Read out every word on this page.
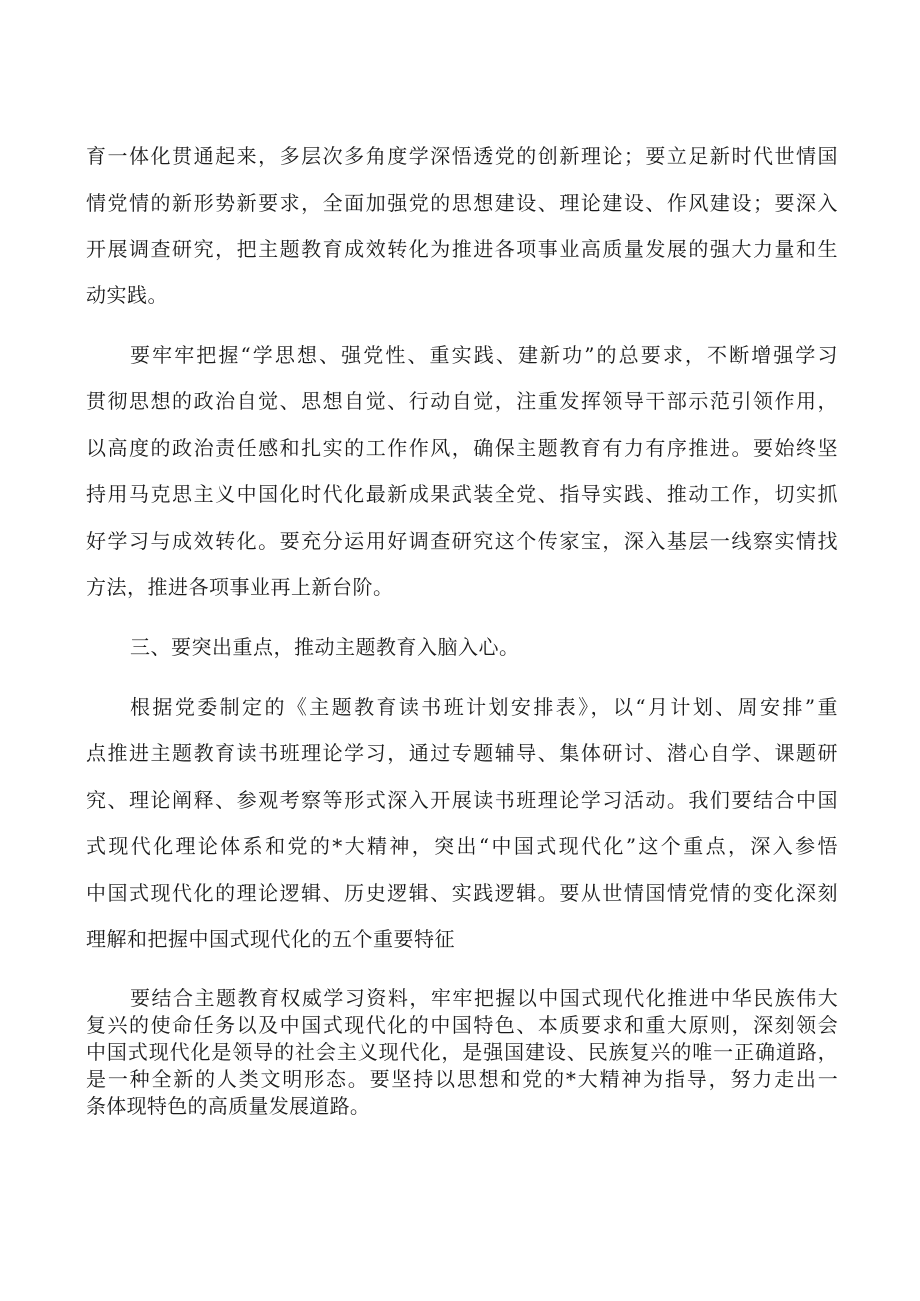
育一体化贯通起来，多层次多角度学深悟透党的创新理论；要立足新时代世情国

情党情的新形势新要求，全面加强党的思想建设、理论建设、作风建设；要深入

开展调查研究，把主题教育成效转化为推进各项事业高质量发展的强大力量和生

动实践。

要牢牢把握“学思想、强党性、重实践、建新功”的总要求，不断增强学习

贯彻思想的政治自觉、思想自觉、行动自觉，注重发挥领导干部示范引领作用，

以高度的政治责任感和扎实的工作作风，确保主题教育有力有序推进。要始终坚

持用马克思主义中国化时代化最新成果武装全党、指导实践、推动工作，切实抓

好学习与成效转化。要充分运用好调查研究这个传家宝，深入基层一线察实情找

方法，推进各项事业再上新台阶。

三、要突出重点，推动主题教育入脑入心。

根据党委制定的《主题教育读书班计划安排表》，以“月计划、周安排”重

点推进主题教育读书班理论学习，通过专题辅导、集体研讨、潜心自学、课题研

究、理论阐释、参观考察等形式深入开展读书班理论学习活动。我们要结合中国

式现代化理论体系和党的*大精神，突出“中国式现代化”这个重点，深入参悟

中国式现代化的理论逻辑、历史逻辑、实践逻辑。要从世情国情党情的变化深刻

理解和把握中国式现代化的五个重要特征

要结合主题教育权威学习资料，牢牢把握以中国式现代化推进中华民族伟大

复兴的使命任务以及中国式现代化的中国特色、本质要求和重大原则，深刻领会

中国式现代化是领导的社会主义现代化，是强国建设、民族复兴的唯一正确道路，

是一种全新的人类文明形态。要坚持以思想和党的*大精神为指导，努力走出一

条体现特色的高质量发展道路。
